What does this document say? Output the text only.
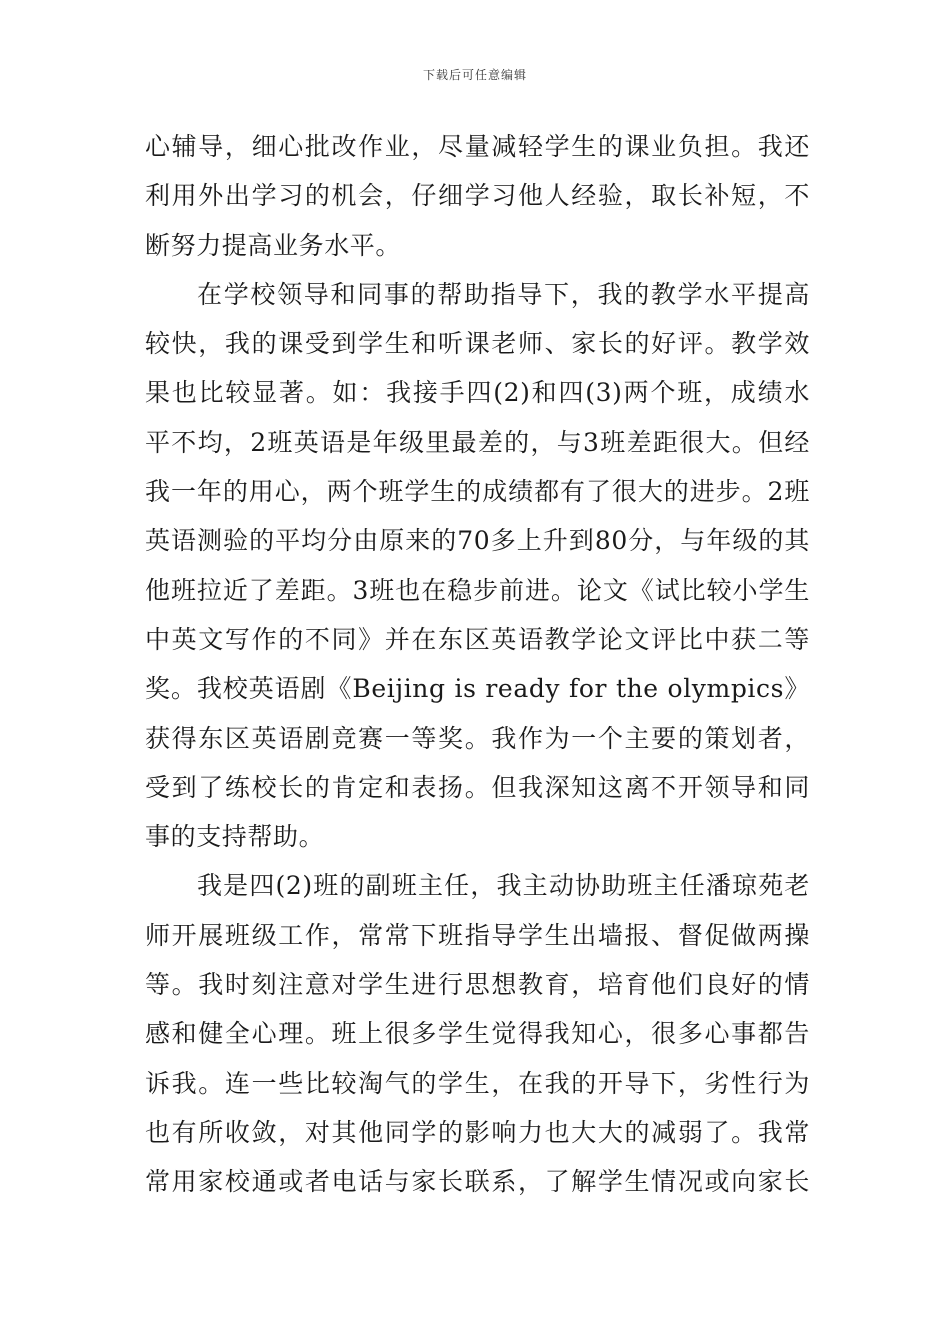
下载后可任意编辑
心辅导，细心批改作业，尽量减轻学生的课业负担。我还
利用外出学习的机会，仔细学习他人经验，取长补短，不
断努力提高业务水平。
在学校领导和同事的帮助指导下，我的教学水平提高
较快，我的课受到学生和听课老师、家长的好评。教学效
果也比较显著。如：我接手四(2)和四(3)两个班，成绩水
平不均，2班英语是年级里最差的，与3班差距很大。但经
我一年的用心，两个班学生的成绩都有了很大的进步。2班
英语测验的平均分由原来的70多上升到80分，与年级的其
他班拉近了差距。3班也在稳步前进。论文《试比较小学生
中英文写作的不同》并在东区英语教学论文评比中获二等
奖。我校英语剧《Beijing is ready for the olympics》
获得东区英语剧竞赛一等奖。我作为一个主要的策划者，
受到了练校长的肯定和表扬。但我深知这离不开领导和同
事的支持帮助。
我是四(2)班的副班主任，我主动协助班主任潘琼苑老
师开展班级工作，常常下班指导学生出墙报、督促做两操
等。我时刻注意对学生进行思想教育，培育他们良好的情
感和健全心理。班上很多学生觉得我知心，很多心事都告
诉我。连一些比较淘气的学生，在我的开导下，劣性行为
也有所收敛，对其他同学的影响力也大大的减弱了。我常
常用家校通或者电话与家长联系，了解学生情况或向家长
